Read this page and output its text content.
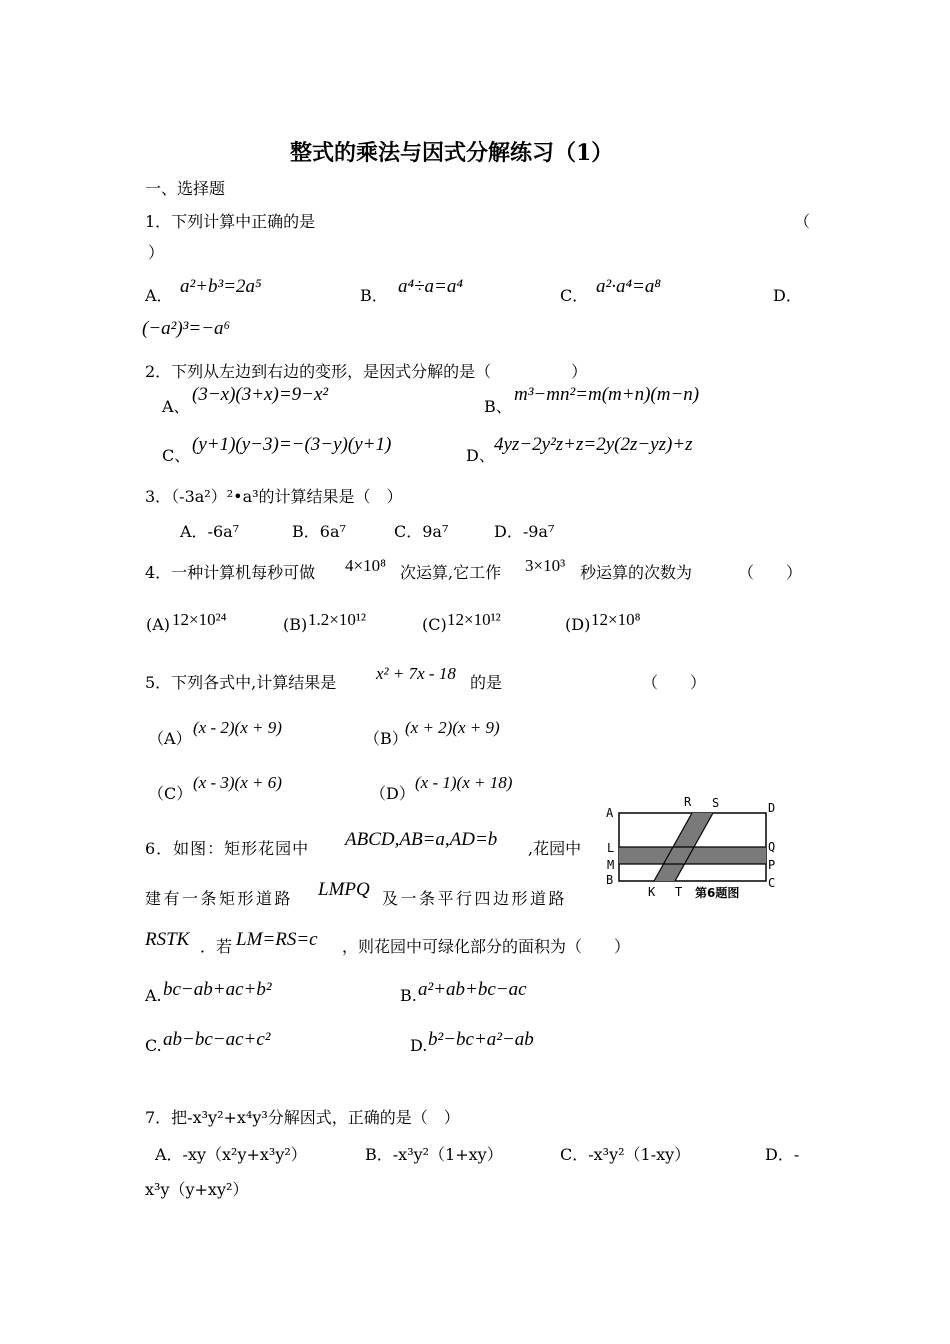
整式的乘法与因式分解练习（1）
一、选择题
1．下列计算中正确的是	（
）
A． a²+b³=2a⁵	B． a⁴÷a=a⁴	C． a²·a⁴=a⁸	D．
(−a²)³=−a⁶
2．下列从左边到右边的变形，是因式分解的是（　　　　　）
A、
(3−x)(3+x)=9−x²
B、
m³−mn²=m(m+n)(m−n)
C、
(y+1)(y−3)=−(3−y)(y+1)
D、
4yz−2y²z+z=2y(2z−yz)+z
3．（-3a²）²•a³的计算结果是（　）
A．-6a⁷	B．6a⁷	C．9a⁷	D．-9a⁷
4．一种计算机每秒可做 4×10⁸ 次运算,它工作 3×10³ 秒运算的次数为	（　　）
(A) 12×10²⁴	(B) 1.2×10¹²	(C) 12×10¹²	(D) 12×10⁸
5．下列各式中,计算结果是 x² + 7x - 18 的是	（　　）
（A）
(x - 2)(x + 9)
（B）
(x + 2)(x + 9)
（C）
(x - 3)(x + 6)
（D）
(x - 1)(x + 18)
6．如图：矩形花园中 ABCD,AB=a,AD=b ,花园中
建有一条矩形道路 LMPQ 及一条平行四边形道路
RSTK ．若 LM=RS=c ，则花园中可绿化部分的面积为（　　）
A
R S	D
L	Q
M	P
B	C
K T 第6题图
A. bc−ab+ac+b²	B. a²+ab+bc−ac
C. ab−bc−ac+c²	D. b²−bc+a²−ab
7．把-x³y²+x⁴y³分解因式，正确的是（　）
A．-xy（x²y+x³y²）	B．-x³y²（1+xy）	C．-x³y²（1-xy）	D．-
x³y（y+xy²）
